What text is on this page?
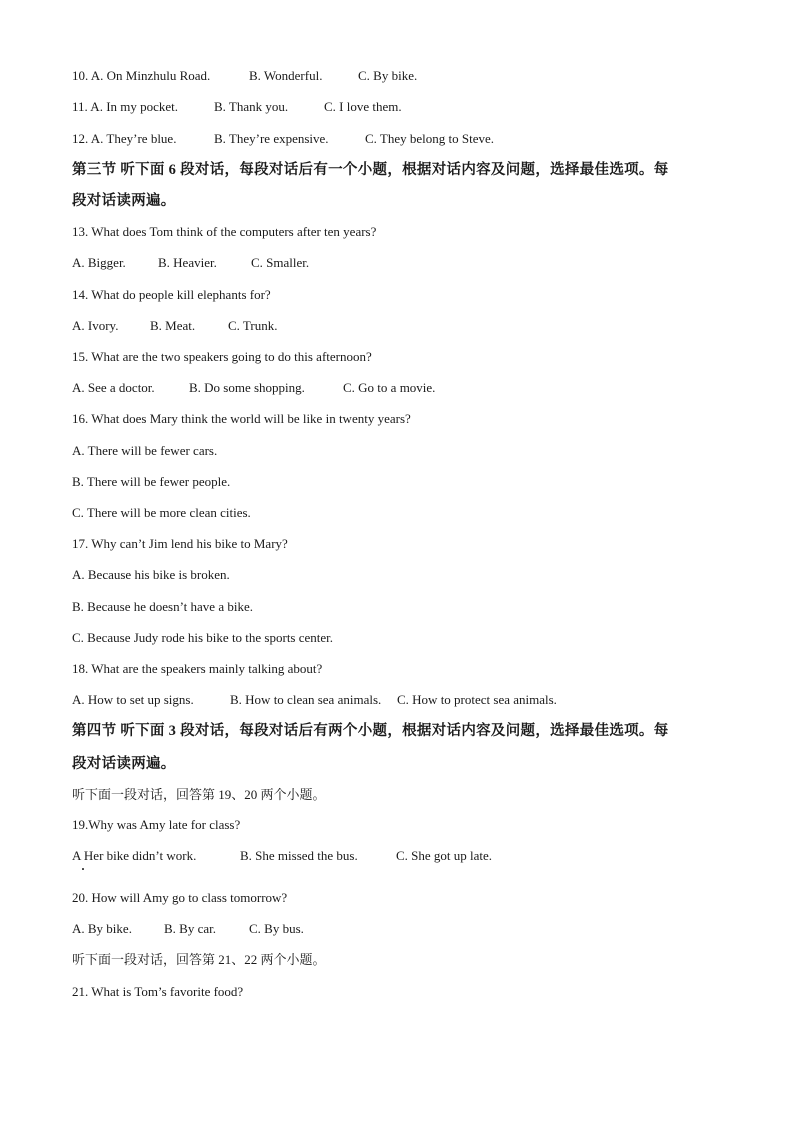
10. A. On Minzhulu Road.	B. Wonderful.	C. By bike.
11. A. In my pocket.	B. Thank you.	C. I love them.
12. A. They’re blue.	B. They’re expensive.	C. They belong to Steve.
第三节 听下面 6 段对话，每段对话后有一个小题，根据对话内容及问题，选择最佳选项。每
段对话读两遍。
13. What does Tom think of the computers after ten years?
A. Bigger. B. Heavier.	C. Smaller.
14. What do people kill elephants for?
A. Ivory. B. Meat.	C. Trunk.
15. What are the two speakers going to do this afternoon?
A. See a doctor.	B. Do some shopping.	C. Go to a movie.
16. What does Mary think the world will be like in twenty years?
A. There will be fewer cars.
B. There will be fewer people.
C. There will be more clean cities.
17. Why can’t Jim lend his bike to Mary?
A. Because his bike is broken.
B. Because he doesn’t have a bike.
C. Because Judy rode his bike to the sports center.
18. What are the speakers mainly talking about?
A. How to set up signs.	B. How to clean sea animals. C. How to protect sea animals.
第四节 听下面 3 段对话，每段对话后有两个小题，根据对话内容及问题，选择最佳选项。每
段对话读两遍。
听下面一段对话，回答第 19、20 两个小题。
19.Why was Amy late for class?
A Her bike didn’t work.	B. She missed the bus.	C. She got up late.
20. How will Amy go to class tomorrow?
A. By bike. B. By car.	C. By bus.
听下面一段对话，回答第 21、22 两个小题。
21. What is Tom’s favorite food?
